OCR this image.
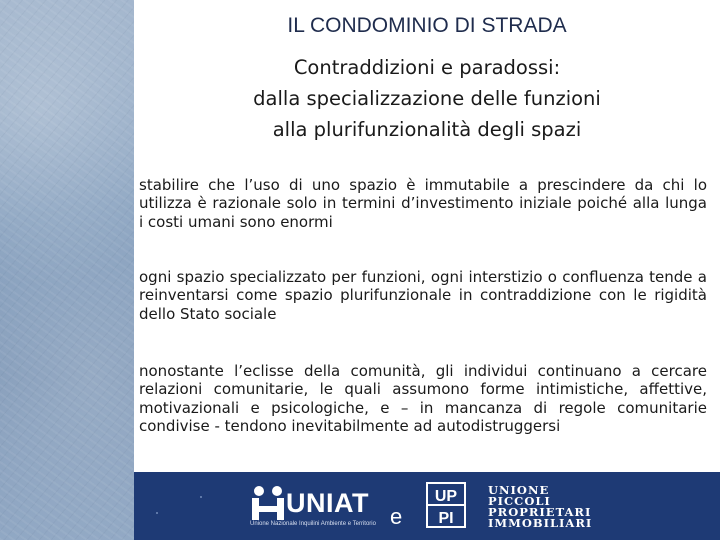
IL CONDOMINIO DI STRADA
Contraddizioni e paradossi:
dalla specializzazione delle funzioni
alla plurifunzionalità degli spazi

stabilire che l’uso di uno spazio è immutabile a prescindere da chi lo utilizza è razionale solo in termini d’investimento iniziale poiché alla lunga i costi umani sono enormi

ogni spazio specializzato per funzioni, ogni interstizio o confluenza tende a reinventarsi come spazio plurifunzionale in contraddizione con le rigidità dello Stato sociale

nonostante l’eclisse della comunità, gli individui continuano a cercare relazioni comunitarie, le quali assumono forme intimistiche, affettive, motivazionali e psicologiche, e – in mancanza di regole comunitarie condivise - tendono inevitabilmente ad autodistruggersi

UNIAT
Unione Nazionale Inquilini Ambiente e Territorio e
UP
PI
UNIONE
PICCOLI
PROPRIETARI
IMMOBILIARI
